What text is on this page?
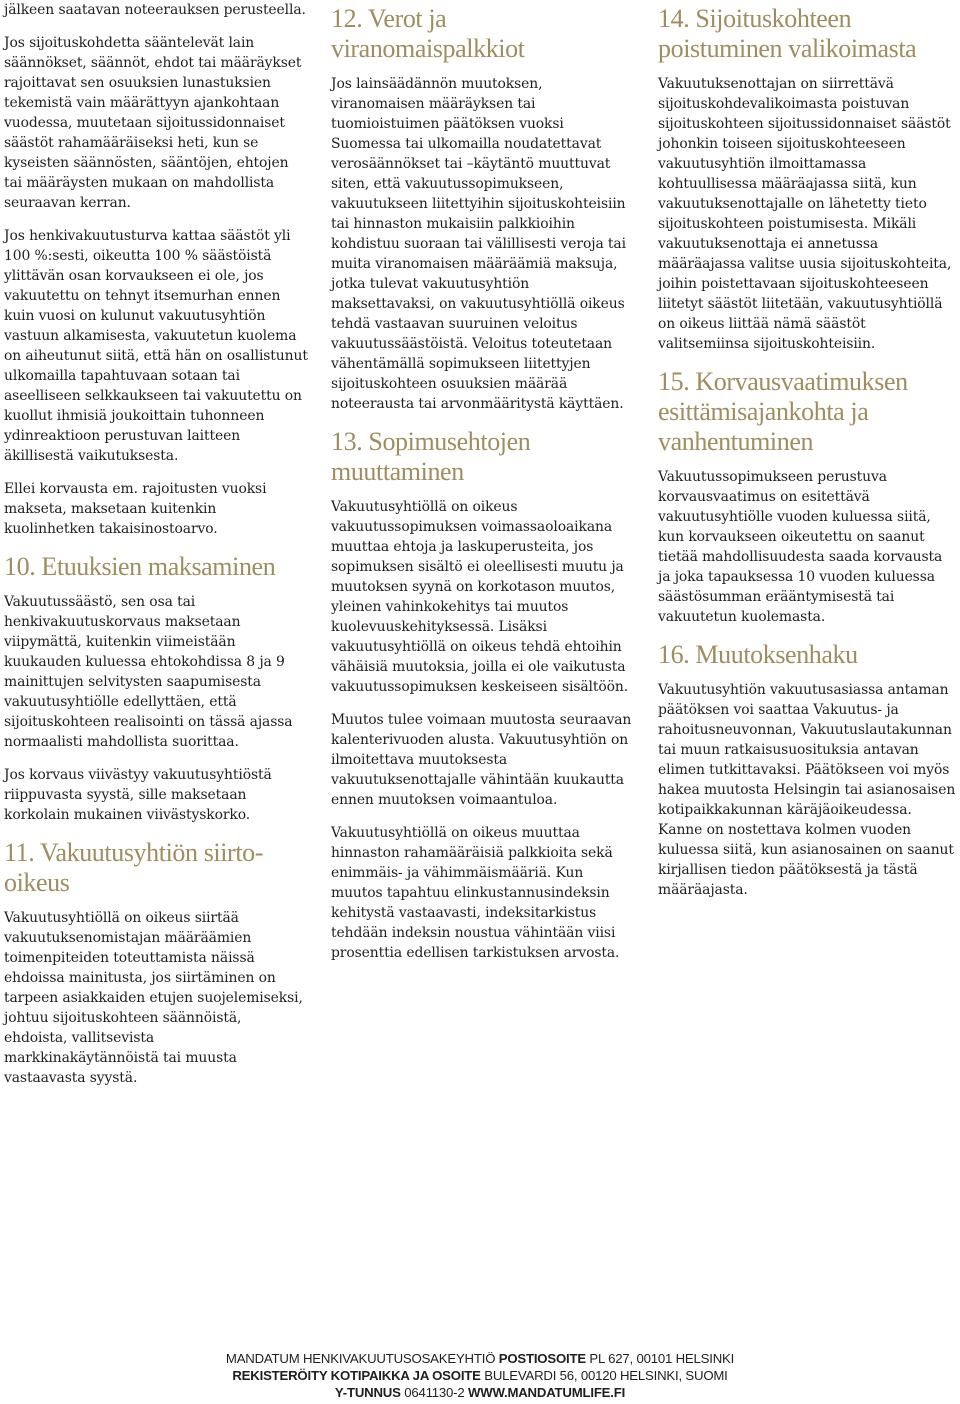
jälkeen saatavan noteerauksen perusteella.

Jos sijoituskohdetta sääntelevät lain säännökset, säännöt, ehdot tai määräykset rajoittavat sen osuuksien lunastuksien tekemistä vain määrättyyn ajankohtaan vuodessa, muutetaan sijoitussidonnaiset säästöt rahamääräiseksi heti, kun se kyseisten säännösten, sääntöjen, ehtojen tai määräysten mukaan on mahdollista seuraavan kerran.

Jos henkivakuutusturva kattaa säästöt yli 100 %:sesti, oikeutta 100 % säästöistä ylittävän osan korvaukseen ei ole, jos vakuutettu on tehnyt itsemurhan ennen kuin vuosi on kulunut vakuutusyhtiön vastuun alkamisesta, vakuutetun kuolema on aiheutunut siitä, että hän on osallistunut ulkomailla tapahtuvaan sotaan tai aseelliseen selkkaukseen tai vakuutettu on kuollut ihmisiä joukoittain tuhonneen ydinreaktioon perustuvan laitteen äkillisestä vaikutuksesta.

Ellei korvausta em. rajoitusten vuoksi makseta, maksetaan kuitenkin kuolinhetken takaisinostoarvo.

10. Etuuksien maksaminen

Vakuutussäästö, sen osa tai henkivakuutuskorvaus maksetaan viipymättä, kuitenkin viimeistään kuukauden kuluessa ehtokohdissa 8 ja 9 mainittujen selvitysten saapumisesta vakuutusyhtiölle edellyttäen, että sijoituskohteen realisointi on tässä ajassa normaalisti mahdollista suorittaa.

Jos korvaus viivästyy vakuutusyhtiöstä riippuvasta syystä, sille maksetaan korkolain mukainen viivästyskorko.

11. Vakuutusyhtiön siirto-oikeus

Vakuutusyhtiöllä on oikeus siirtää vakuutuksenomistajan määräämien toimenpiteiden toteuttamista näissä ehdoissa mainitusta, jos siirtäminen on tarpeen asiakkaiden etujen suojelemiseksi, johtuu sijoituskohteen säännöistä, ehdoista, vallitsevista markkinakäytännöistä tai muusta vastaavasta syystä.

12. Verot ja viranomaispalkkiot

Jos lainsäädännön muutoksen, viranomaisen määräyksen tai tuomioistuimen päätöksen vuoksi Suomessa tai ulkomailla noudatettavat verosäännökset tai –käytäntö muuttuvat siten, että vakuutussopimukseen, vakuutukseen liitettyihin sijoituskohteisiin tai hinnaston mukaisiin palkkioihin kohdistuu suoraan tai välillisesti veroja tai muita viranomaisen määräämiä maksuja, jotka tulevat vakuutusyhtiön maksettavaksi, on vakuutusyhtiöllä oikeus tehdä vastaavan suuruinen veloitus vakuutussäästöistä. Veloitus toteutetaan vähentämällä sopimukseen liitettyjen sijoituskohteen osuuksien määrää noteerausta tai arvonmääritystä käyttäen.

13. Sopimusehtojen muuttaminen

Vakuutusyhtiöllä on oikeus vakuutussopimuksen voimassaoloaikana muuttaa ehtoja ja laskuperusteita, jos sopimuksen sisältö ei oleellisesti muutu ja muutoksen syynä on korkotason muutos, yleinen vahinkokehitys tai muutos kuolevuuskehityksessä. Lisäksi vakuutusyhtiöllä on oikeus tehdä ehtoihin vähäisiä muutoksia, joilla ei ole vaikutusta vakuutussopimuksen keskeiseen sisältöön.

Muutos tulee voimaan muutosta seuraavan kalenterivuoden alusta. Vakuutusyhtiön on ilmoitettava muutoksesta vakuutuksenottajalle vähintään kuukautta ennen muutoksen voimaantuloa.

Vakuutusyhtiöllä on oikeus muuttaa hinnaston rahamääräisiä palkkioita sekä enimmäis- ja vähimmäismääriä. Kun muutos tapahtuu elinkustannusindeksin kehitystä vastaavasti, indeksitarkistus tehdään indeksin noustua vähintään viisi prosenttia edellisen tarkistuksen arvosta.

14. Sijoituskohteen poistuminen valikoimasta

Vakuutuksenottajan on siirrettävä sijoituskohdevalikoimasta poistuvan sijoituskohteen sijoitussidonnaiset säästöt johonkin toiseen sijoituskohteeseen vakuutusyhtiön ilmoittamassa kohtuullisessa määräajassa siitä, kun vakuutuksenottajalle on lähetetty tieto sijoituskohteen poistumisesta. Mikäli vakuutuksenottaja ei annetussa määräajassa valitse uusia sijoituskohteita, joihin poistettavaan sijoituskohteeseen liitetyt säästöt liitetään, vakuutusyhtiöllä on oikeus liittää nämä säästöt valitsemiinsa sijoituskohteisiin.

15. Korvausvaatimuksen esittämisajankohta ja vanhentuminen

Vakuutussopimukseen perustuva korvausvaatimus on esitettävä vakuutusyhtiölle vuoden kuluessa siitä, kun korvaukseen oikeutettu on saanut tietää mahdollisuudesta saada korvausta ja joka tapauksessa 10 vuoden kuluessa säästösumman erääntymisestä tai vakuutetun kuolemasta.

16. Muutoksenhaku

Vakuutusyhtiön vakuutusasiassa antaman päätöksen voi saattaa Vakuutus- ja rahoitusneuvonnan, Vakuutuslautakunnan tai muun ratkaisusuosituksia antavan elimen tutkittavaksi. Päätökseen voi myös hakea muutosta Helsingin tai asianosaisen kotipaikkakunnan käräjäoikeudessa. Kanne on nostettava kolmen vuoden kuluessa siitä, kun asianosainen on saanut kirjallisen tiedon päätöksestä ja tästä määräajasta.

MANDATUM HENKIVAKUUTUSOSAKEYHTIÖ POSTIOSOITE PL 627, 00101 HELSINKI
REKISTERÖITY KOTIPAIKKA JA OSOITE BULEVARDI 56, 00120 HELSINKI, SUOMI
Y-TUNNUS 0641130-2 WWW.MANDATUMLIFE.FI
